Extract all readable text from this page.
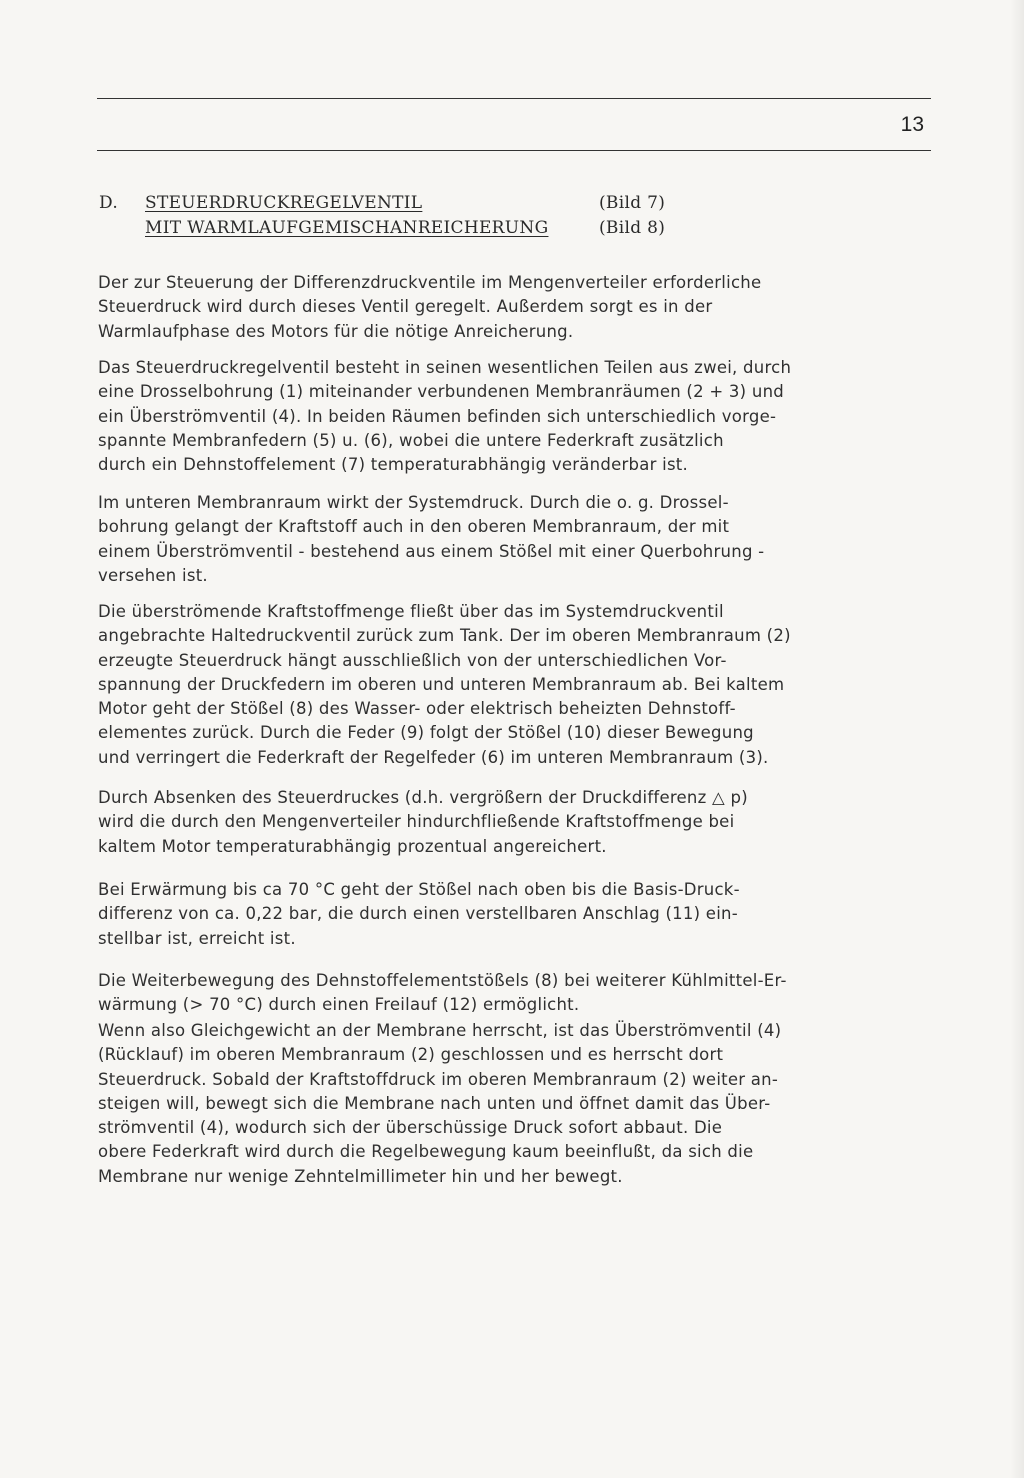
13
D. STEUERDRUCKREGELVENTIL	(Bild 7)
MIT WARMLAUFGEMISCHANREICHERUNG	(Bild 8)
Der zur Steuerung der Differenzdruckventile im Mengenverteiler erforderliche
Steuerdruck wird durch dieses Ventil geregelt. Außerdem sorgt es in der
Warmlaufphase des Motors für die nötige Anreicherung.
Das Steuerdruckregelventil besteht in seinen wesentlichen Teilen aus zwei, durch
eine Drosselbohrung (1) miteinander verbundenen Membranräumen (2 + 3) und
ein Überströmventil (4). In beiden Räumen befinden sich unterschiedlich vorge-
spannte Membranfedern (5) u. (6), wobei die untere Federkraft zusätzlich
durch ein Dehnstoffelement (7) temperaturabhängig veränderbar ist.
Im unteren Membranraum wirkt der Systemdruck. Durch die o. g. Drossel-
bohrung gelangt der Kraftstoff auch in den oberen Membranraum, der mit
einem Überströmventil - bestehend aus einem Stößel mit einer Querbohrung -
versehen ist.
Die überströmende Kraftstoffmenge fließt über das im Systemdruckventil
angebrachte Haltedruckventil zurück zum Tank. Der im oberen Membranraum (2)
erzeugte Steuerdruck hängt ausschließlich von der unterschiedlichen Vor-
spannung der Druckfedern im oberen und unteren Membranraum ab. Bei kaltem
Motor geht der Stößel (8) des Wasser- oder elektrisch beheizten Dehnstoff-
elementes zurück. Durch die Feder (9) folgt der Stößel (10) dieser Bewegung
und verringert die Federkraft der Regelfeder (6) im unteren Membranraum (3).
Durch Absenken des Steuerdruckes (d.h. vergrößern der Druckdifferenz △ p)
wird die durch den Mengenverteiler hindurchfließende Kraftstoffmenge bei
kaltem Motor temperaturabhängig prozentual angereichert.
Bei Erwärmung bis ca 70 °C geht der Stößel nach oben bis die Basis-Druck-
differenz von ca. 0,22 bar, die durch einen verstellbaren Anschlag (11) ein-
stellbar ist, erreicht ist.
Die Weiterbewegung des Dehnstoffelementstößels (8) bei weiterer Kühlmittel-Er-
wärmung (> 70 °C) durch einen Freilauf (12) ermöglicht.
Wenn also Gleichgewicht an der Membrane herrscht, ist das Überströmventil (4)
(Rücklauf) im oberen Membranraum (2) geschlossen und es herrscht dort
Steuerdruck. Sobald der Kraftstoffdruck im oberen Membranraum (2) weiter an-
steigen will, bewegt sich die Membrane nach unten und öffnet damit das Über-
strömventil (4), wodurch sich der überschüssige Druck sofort abbaut. Die
obere Federkraft wird durch die Regelbewegung kaum beeinflußt, da sich die
Membrane nur wenige Zehntelmillimeter hin und her bewegt.
